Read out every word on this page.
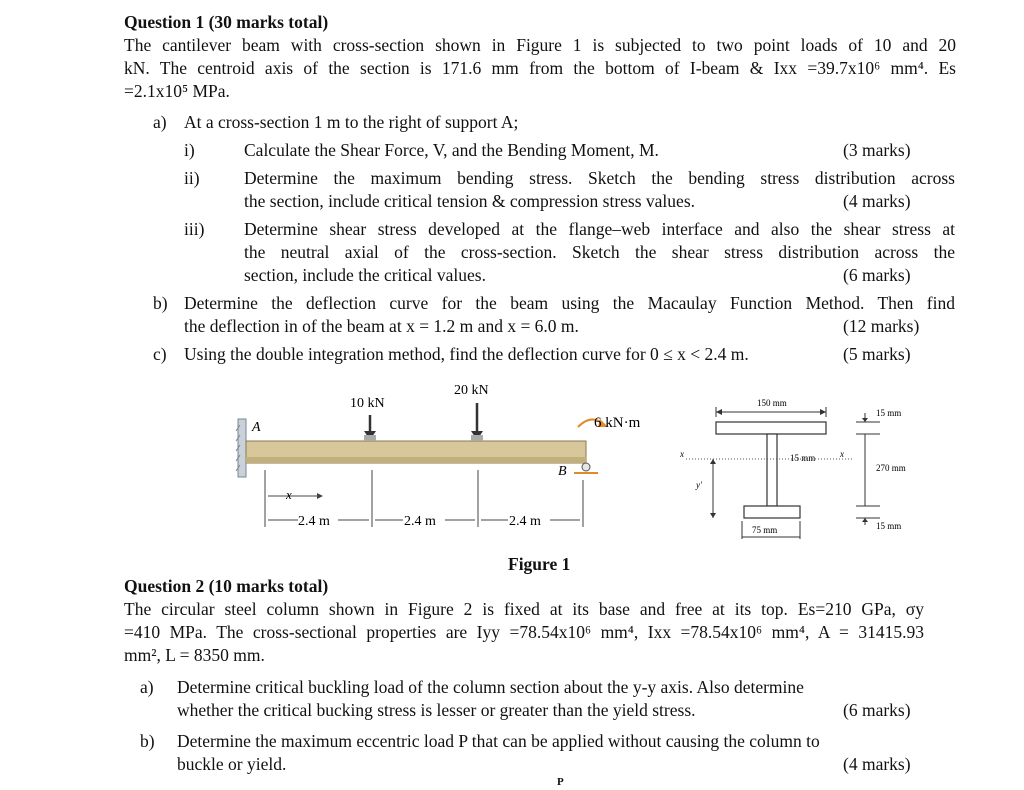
Question 1 (30 marks total)
The cantilever beam with cross-section shown in Figure 1 is subjected to two point loads of 10 and 20
kN. The centroid axis of the section is 171.6 mm from the bottom of I-beam & Ixx =39.7x10⁶ mm⁴. Es
=2.1x10⁵ MPa.
a) At a cross-section 1 m to the right of support A;
i)	Calculate the Shear Force, V, and the Bending Moment, M.	(3 marks)
ii)	Determine the maximum bending stress. Sketch the bending stress distribution across
the section, include critical tension & compression stress values.	(4 marks)
iii) Determine shear stress developed at the flange–web interface and also the shear stress at
the neutral axial of the cross-section. Sketch the shear stress distribution across the
section, include the critical values.	(6 marks)
b) Determine the deflection curve for the beam using the Macaulay Function Method. Then find
the deflection in of the beam at x = 1.2 m and x = 6.0 m.	(12 marks)
c) Using the double integration method, find the deflection curve for 0 ≤ x < 2.4 m.	(5 marks)
A
10 kN
20 kN
6 kN·m
B
x
2.4 m	2.4 m	2.4 m
150 mm
15 mm
270 mm
15 mm
15 mm
x	x
y'
75 mm
Figure 1
Question 2 (10 marks total)
The circular steel column shown in Figure 2 is fixed at its base and free at its top. Es=210 GPa, σy
=410 MPa. The cross-sectional properties are Iyy =78.54x10⁶ mm⁴, Ixx =78.54x10⁶ mm⁴, A = 31415.93
mm², L = 8350 mm.
a) Determine critical buckling load of the column section about the y-y axis. Also determine
whether the critical bucking stress is lesser or greater than the yield stress.	(6 marks)
b) Determine the maximum eccentric load P that can be applied without causing the column to
buckle or yield.	(4 marks)
P
